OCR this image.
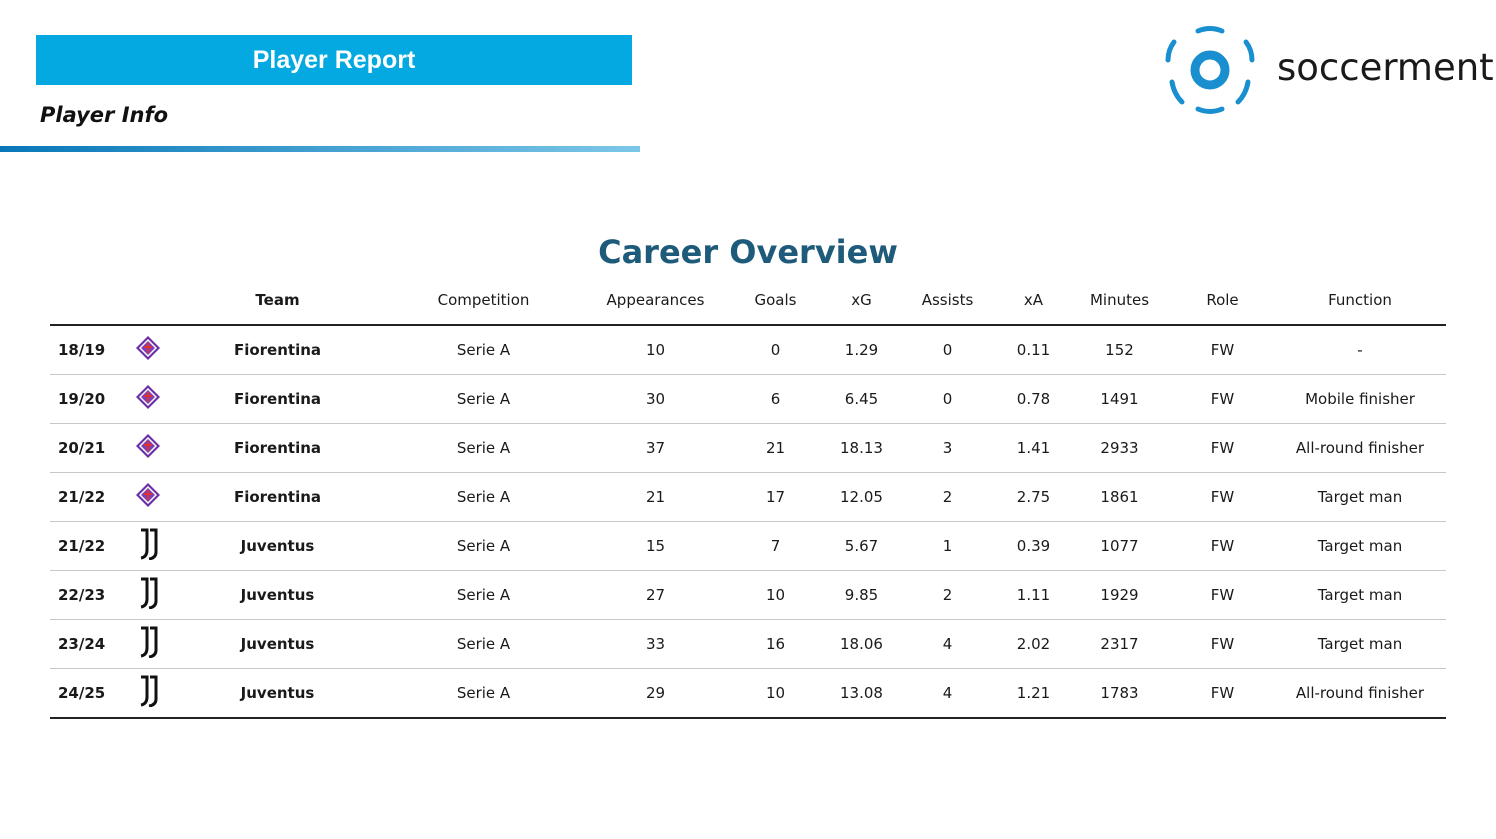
Player Report
Player Info
soccerment
Career Overview
		Team	Competition	Appearances	Goals	xG	Assists	xA	Minutes	Role	Function
18/19		Fiorentina	Serie A	10	0	1.29	0	0.11	152	FW	-
19/20		Fiorentina	Serie A	30	6	6.45	0	0.78	1491	FW	Mobile finisher
20/21		Fiorentina	Serie A	37	21	18.13	3	1.41	2933	FW	All-round finisher
21/22		Fiorentina	Serie A	21	17	12.05	2	2.75	1861	FW	Target man
21/22		Juventus	Serie A	15	7	5.67	1	0.39	1077	FW	Target man
22/23		Juventus	Serie A	27	10	9.85	2	1.11	1929	FW	Target man
23/24		Juventus	Serie A	33	16	18.06	4	2.02	2317	FW	Target man
24/25		Juventus	Serie A	29	10	13.08	4	1.21	1783	FW	All-round finisher
